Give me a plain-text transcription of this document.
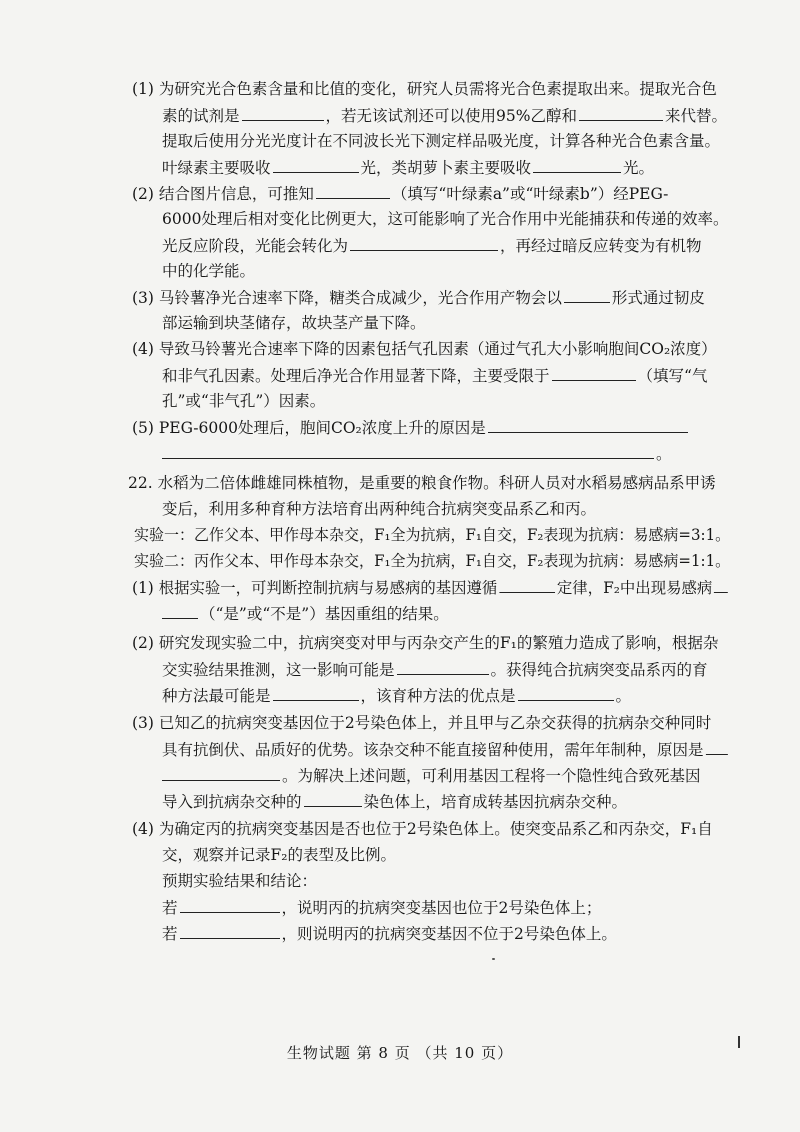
(1) 为研究光合色素含量和比值的变化，研究人员需将光合色素提取出来。提取光合色
素的试剂是	，若无该试剂还可以使用95%乙醇和	来代替。
提取后使用分光光度计在不同波长光下测定样品吸光度，计算各种光合色素含量。
叶绿素主要吸收	光，类胡萝卜素主要吸收	光。
(2) 结合图片信息，可推知	（填写“叶绿素a”或“叶绿素b”）经PEG-
6000处理后相对变化比例更大，这可能影响了光合作用中光能捕获和传递的效率。
光反应阶段，光能会转化为	，再经过暗反应转变为有机物
中的化学能。
(3) 马铃薯净光合速率下降，糖类合成减少，光合作用产物会以	形式通过韧皮
部运输到块茎储存，故块茎产量下降。
(4) 导致马铃薯光合速率下降的因素包括气孔因素（通过气孔大小影响胞间CO₂浓度）
和非气孔因素。处理后净光合作用显著下降，主要受限于	（填写“气
孔”或“非气孔”）因素。
(5) PEG-6000处理后，胞间CO₂浓度上升的原因是
。
22. 水稻为二倍体雌雄同株植物，是重要的粮食作物。科研人员对水稻易感病品系甲诱
变后，利用多种育种方法培育出两种纯合抗病突变品系乙和丙。
实验一：乙作父本、甲作母本杂交，F₁全为抗病，F₁自交，F₂表现为抗病：易感病=3:1。
实验二：丙作父本、甲作母本杂交，F₁全为抗病，F₁自交，F₂表现为抗病：易感病=1:1。
(1) 根据实验一，可判断控制抗病与易感病的基因遵循	定律，F₂中出现易感病
（“是”或“不是”）基因重组的结果。
(2) 研究发现实验二中，抗病突变对甲与丙杂交产生的F₁的繁殖力造成了影响，根据杂
交实验结果推测，这一影响可能是	。获得纯合抗病突变品系丙的育
种方法最可能是	，该育种方法的优点是	。
(3) 已知乙的抗病突变基因位于2号染色体上，并且甲与乙杂交获得的抗病杂交种同时
具有抗倒伏、品质好的优势。该杂交种不能直接留种使用，需年年制种，原因是
。为解决上述问题，可利用基因工程将一个隐性纯合致死基因
导入到抗病杂交种的	染色体上，培育成转基因抗病杂交种。
(4) 为确定丙的抗病突变基因是否也位于2号染色体上。使突变品系乙和丙杂交，F₁自
交，观察并记录F₂的表型及比例。
预期实验结果和结论：
若	，说明丙的抗病突变基因也位于2号染色体上；
若	，则说明丙的抗病突变基因不位于2号染色体上。
生物试题 第 8 页 （共 10 页）
